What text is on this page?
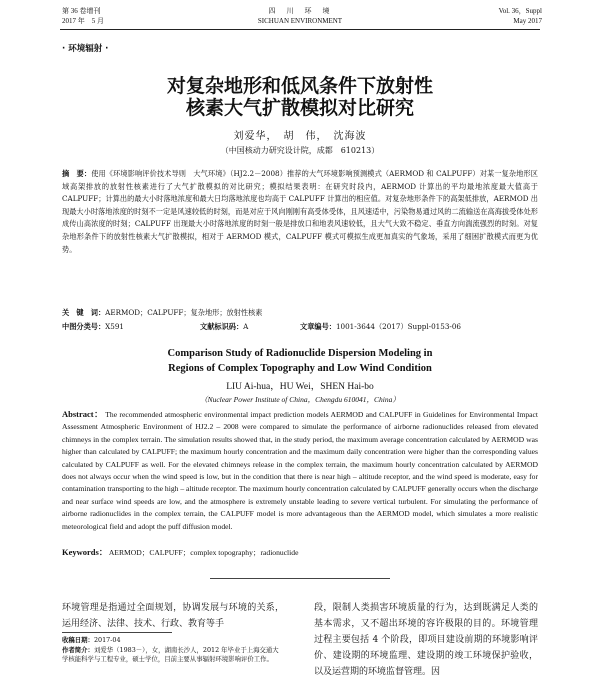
第 36 卷增刊
2017 年　5 月
四　川　环　境
SICHUAN ENVIRONMENT
Vol. 36，Suppl
May 2017
· 环境辐射 ·
对复杂地形和低风条件下放射性
核素大气扩散模拟对比研究
刘爱华，　胡　伟，　沈海波
（中国核动力研究设计院，成都　610213）
摘　要：使用《环境影响评价技术导则　大气环境》（HJ2.2－2008）推荐的大气环境影响预测模式（AERMOD 和 CALPUFF）对某一复杂地形区域高架排放的放射性核素进行了大气扩散模拟的对比研究；模拟结果表明：在研究时段内，AERMOD 计算出的平均最地浓度最大值高于 CALPUFF；计算出的最大小时落地浓度和最大日均落地浓度也均高于 CALPUFF 计算出的相应值。对复杂地形条件下的高架低排放，AERMOD 出现最大小时落地浓度的时刻不一定是风速较低的时刻，而是对应于风向刚刚有高受体受体，且风速适中，污染物易通过风的二流输送在高海拔受体处形成传山高浓度的时刻；CALPUFF 出现最大小时落地浓度的时刻一般是排放口和地表风速较低，且大气大致不稳定、垂直方向湍流强烈的时刻。对复杂地形条件下的放射性核素大气扩散模拟，相对于 AERMOD 模式，CALPUFF 模式可模拟生成更加真实的气象场，采用了细困扩散模式而更为优势。
关　键　词：AERMOD；CALPUFF；复杂地形；放射性核素
中图分类号：X591	文献标识码：A	文章编号：1001-3644（2017）Suppl-0153-06
Comparison Study of Radionuclide Dispersion Modeling in
Regions of Complex Topography and Low Wind Condition
LIU Ai-hua，HU Wei，SHEN Hai-bo
（Nuclear Power Institute of China，Chengdu 610041，China）
Abstract： The recommended atmospheric environmental impact prediction models AERMOD and CALPUFF in Guidelines for Environmental Impact Assessment Atmospheric Environment of HJ2.2 – 2008 were compared to simulate the performance of airborne radionuclides released from elevated chimneys in the complex terrain. The simulation results showed that, in the study period, the maximum average concentration calculated by AERMOD was higher than calculated by CALPUFF; the maximum hourly concentration and the maximum daily concentration were higher than the corresponding values calculated by CALPUFF as well. For the elevated chimneys release in the complex terrain, the maximum hourly concentration calculated by AERMOD does not always occur when the wind speed is low, but in the condition that there is near high – altitude receptor, and the wind speed is moderate, easy for contamination transporting to the high – altitude receptor. The maximum hourly concentration calculated by CALPUFF generally occurs when the discharge and near surface wind speeds are low, and the atmosphere is extremely unstable leading to severe vertical turbulent. For simulating the performance of airborne radionuclides in the complex terrain, the CALPUFF model is more advantageous than the AERMOD model, which simulates a more realistic meteorological field and adopt the puff diffusion model.
Keywords： AERMOD；CALPUFF；complex topography；radionuclide
环境管理是指通过全面规划，协调发展与环境的关系，运用经济、法律、技术、行政、教育等手
段，限制人类损害环境质量的行为，达到既满足人类的基本需求，又不超出环境的容许极限的目的。环境管理过程主要包括 4 个阶段，即项目建设前期的环境影响评价、建设期的环境监理、建设期的竣工环境保护验收，以及运营期的环境监督管理。因
收稿日期：2017-04
作者简介：刘爱华（1983－），女，湖南长沙人，2012 年毕业于上海交通大学核能科学与工程专业，硕士学位，目前主要从事辐射环境影响评价工作。
